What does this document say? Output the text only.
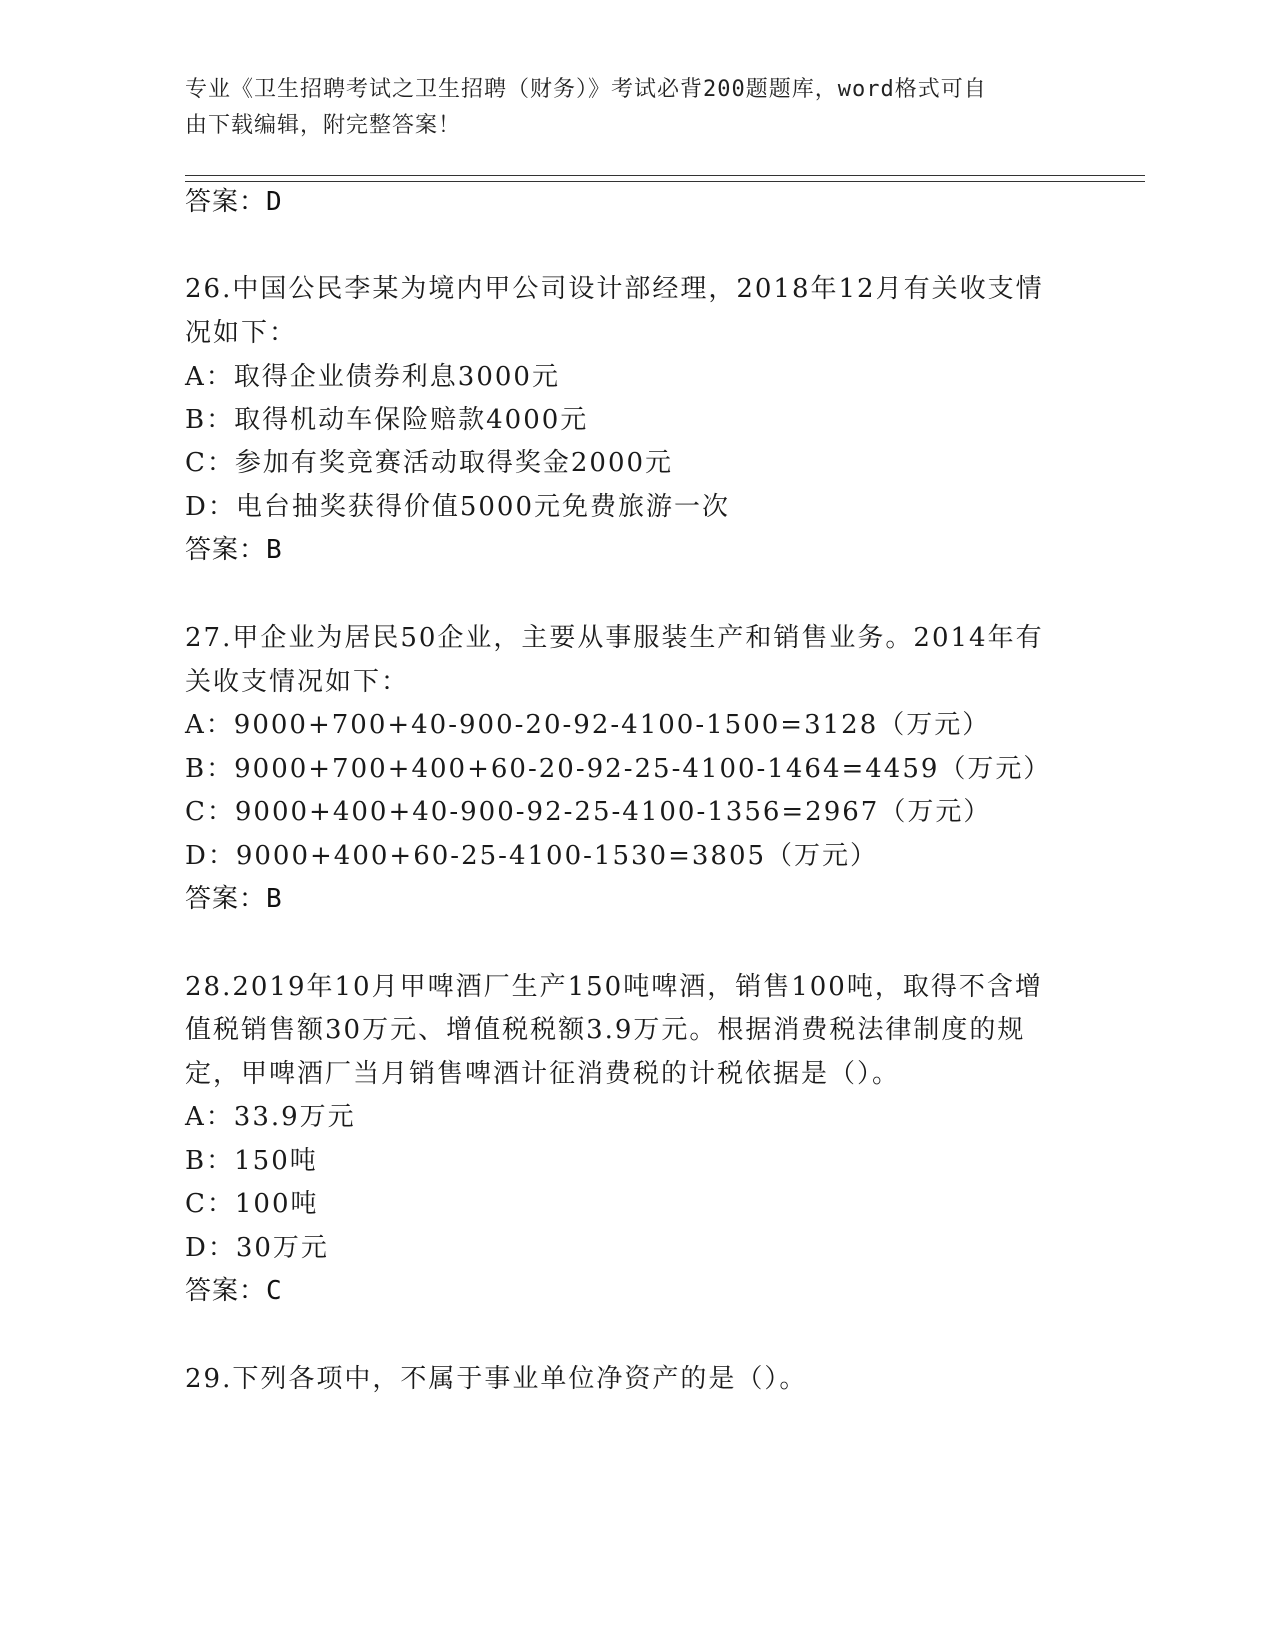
专业《卫生招聘考试之卫生招聘（财务）》考试必背200题题库，word格式可自
由下载编辑，附完整答案！
答案：D
26.中国公民李某为境内甲公司设计部经理，2018年12月有关收支情
况如下：
A：取得企业债券利息3000元
B：取得机动车保险赔款4000元
C：参加有奖竞赛活动取得奖金2000元
D：电台抽奖获得价值5000元免费旅游一次
答案：B
27.甲企业为居民50企业，主要从事服装生产和销售业务。2014年有
关收支情况如下：
A：9000+700+40-900-20-92-4100-1500=3128（万元）
B：9000+700+400+60-20-92-25-4100-1464=4459（万元）
C：9000+400+40-900-92-25-4100-1356=2967（万元）
D：9000+400+60-25-4100-1530=3805（万元）
答案：B
28.2019年10月甲啤酒厂生产150吨啤酒，销售100吨，取得不含增
值税销售额30万元、增值税税额3.9万元。根据消费税法律制度的规
定，甲啤酒厂当月销售啤酒计征消费税的计税依据是（）。
A：33.9万元
B：150吨
C：100吨
D：30万元
答案：C
29.下列各项中，不属于事业单位净资产的是（）。
